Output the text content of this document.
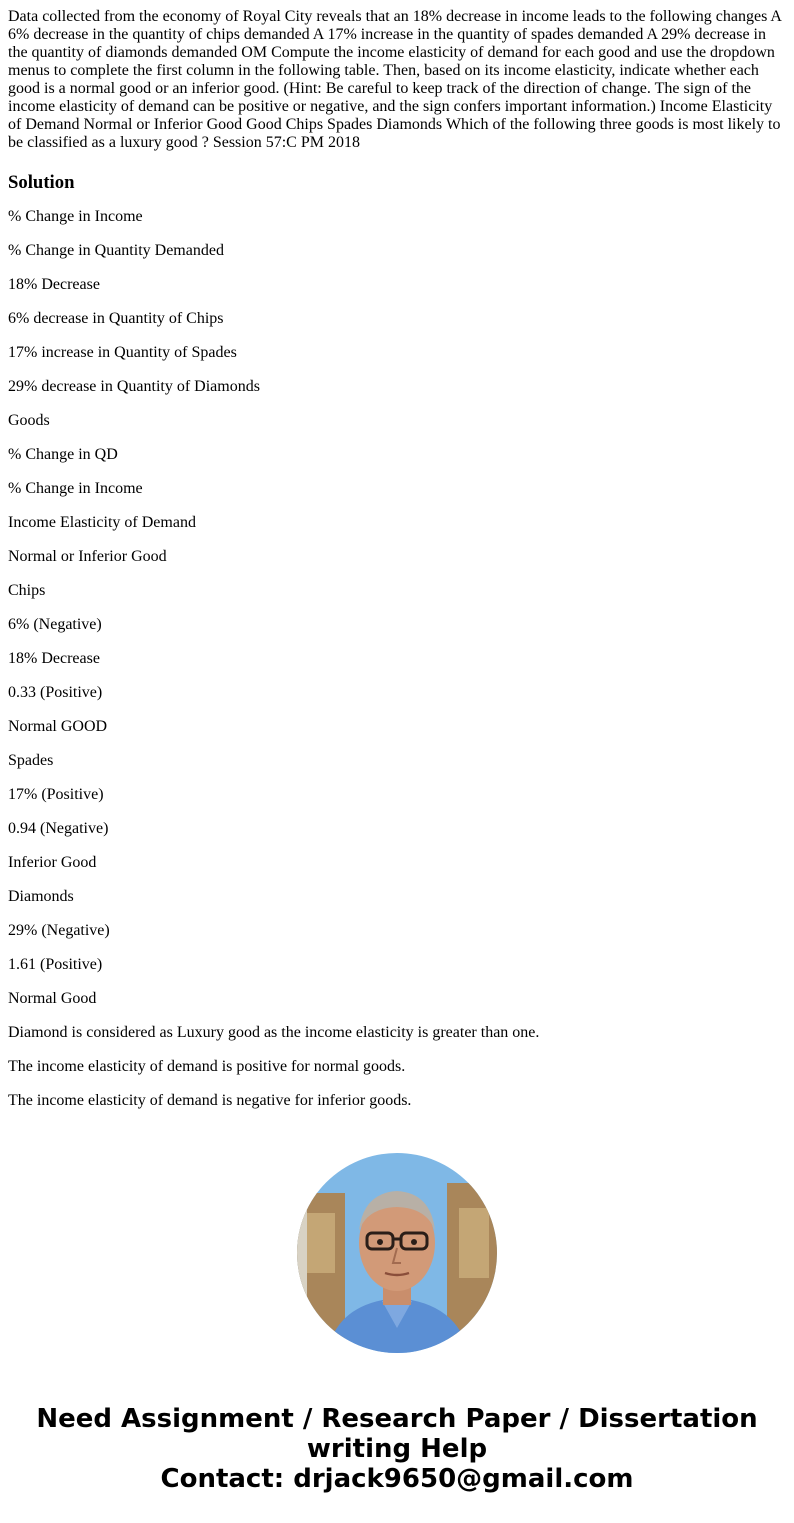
Data collected from the economy of Royal City reveals that an 18% decrease in income leads to the following changes A 6% decrease in the quantity of chips demanded A 17% increase in the quantity of spades demanded A 29% decrease in the quantity of diamonds demanded OM Compute the income elasticity of demand for each good and use the dropdown menus to complete the first column in the following table. Then, based on its income elasticity, indicate whether each good is a normal good or an inferior good. (Hint: Be careful to keep track of the direction of change. The sign of the income elasticity of demand can be positive or negative, and the sign confers important information.) Income Elasticity of Demand Normal or Inferior Good Good Chips Spades Diamonds Which of the following three goods is most likely to be classified as a luxury good ? Session 57:C PM 2018

Solution

% Change in Income

% Change in Quantity Demanded

18% Decrease

6% decrease in Quantity of Chips

17% increase in Quantity of Spades

29% decrease in Quantity of Diamonds

Goods

% Change in QD

% Change in Income

Income Elasticity of Demand

Normal or Inferior Good

Chips

6% (Negative)

18% Decrease

0.33 (Positive)

Normal GOOD

Spades

17% (Positive)

0.94 (Negative)

Inferior Good

Diamonds

29% (Negative)

1.61 (Positive)

Normal Good

Diamond is considered as Luxury good as the income elasticity is greater than one.

The income elasticity of demand is positive for normal goods.

The income elasticity of demand is negative for inferior goods.

Need Assignment / Research Paper / Dissertation
writing Help
Contact: drjack9650@gmail.com
